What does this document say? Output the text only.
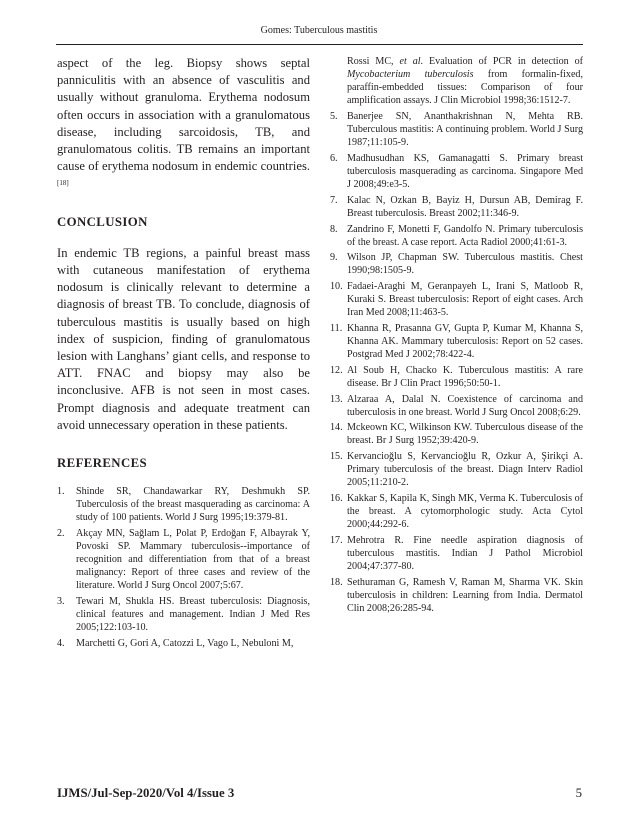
Gomes: Tuberculous mastitis

aspect of the leg. Biopsy shows septal panniculitis with an absence of vasculitis and usually without granuloma. Erythema nodosum often occurs in association with a granulomatous disease, including sarcoidosis, TB, and granulomatous colitis. TB remains an important cause of erythema nodosum in endemic countries.[18]

CONCLUSION

In endemic TB regions, a painful breast mass with cutaneous manifestation of erythema nodosum is clinically relevant to determine a diagnosis of breast TB. To conclude, diagnosis of tuberculous mastitis is usually based on high index of suspicion, finding of granulomatous lesion with Langhans’ giant cells, and response to ATT. FNAC and biopsy may also be inconclusive. AFB is not seen in most cases. Prompt diagnosis and adequate treatment can avoid unnecessary operation in these patients.

REFERENCES
1.	Shinde SR, Chandawarkar RY, Deshmukh SP. Tuberculosis of the breast masquerading as carcinoma: A study of 100 patients. World J Surg 1995;19:379-81.
2.	Akçay MN, Sağlam L, Polat P, Erdoğan F, Albayrak Y, Povoski SP. Mammary tuberculosis--importance of recognition and differentiation from that of a breast malignancy: Report of three cases and review of the literature. World J Surg Oncol 2007;5:67.
3.	Tewari M, Shukla HS. Breast tuberculosis: Diagnosis, clinical features and management. Indian J Med Res 2005;122:103-10.
4.	Marchetti G, Gori A, Catozzi L, Vago L, Nebuloni M,
Rossi MC, et al. Evaluation of PCR in detection of Mycobacterium tuberculosis from formalin-fixed, paraffin-embedded tissues: Comparison of four amplification assays. J Clin Microbiol 1998;36:1512-7.
5. Banerjee SN, Ananthakrishnan N, Mehta RB. Tuberculous mastitis: A continuing problem. World J Surg 1987;11:105-9.
6. Madhusudhan KS, Gamanagatti S. Primary breast tuberculosis masquerading as carcinoma. Singapore Med J 2008;49:e3-5.
7. Kalac N, Ozkan B, Bayiz H, Dursun AB, Demirag F. Breast tuberculosis. Breast 2002;11:346-9.
8. Zandrino F, Monetti F, Gandolfo N. Primary tuberculosis of the breast. A case report. Acta Radiol 2000;41:61-3.
9. Wilson JP, Chapman SW. Tuberculous mastitis. Chest 1990;98:1505-9.
10. Fadaei-Araghi M, Geranpayeh L, Irani S, Matloob R, Kuraki S. Breast tuberculosis: Report of eight cases. Arch Iran Med 2008;11:463-5.
11. Khanna R, Prasanna GV, Gupta P, Kumar M, Khanna S, Khanna AK. Mammary tuberculosis: Report on 52 cases. Postgrad Med J 2002;78:422-4.
12. Al Soub H, Chacko K. Tuberculous mastitis: A rare disease. Br J Clin Pract 1996;50:50-1.
13. Alzaraa A, Dalal N. Coexistence of carcinoma and tuberculosis in one breast. World J Surg Oncol 2008;6:29.
14. Mckeown KC, Wilkinson KW. Tuberculous disease of the breast. Br J Surg 1952;39:420-9.
15. Kervancioğlu S, Kervancioğlu R, Ozkur A, Şirikçi A. Primary tuberculosis of the breast. Diagn Interv Radiol 2005;11:210-2.
16. Kakkar S, Kapila K, Singh MK, Verma K. Tuberculosis of the breast. A cytomorphologic study. Acta Cytol 2000;44:292-6.
17. Mehrotra R. Fine needle aspiration diagnosis of tuberculous mastitis. Indian J Pathol Microbiol 2004;47:377-80.
18. Sethuraman G, Ramesh V, Raman M, Sharma VK. Skin tuberculosis in children: Learning from India. Dermatol Clin 2008;26:285-94.
IJMS/Jul-Sep-2020/Vol 4/Issue 3	5
